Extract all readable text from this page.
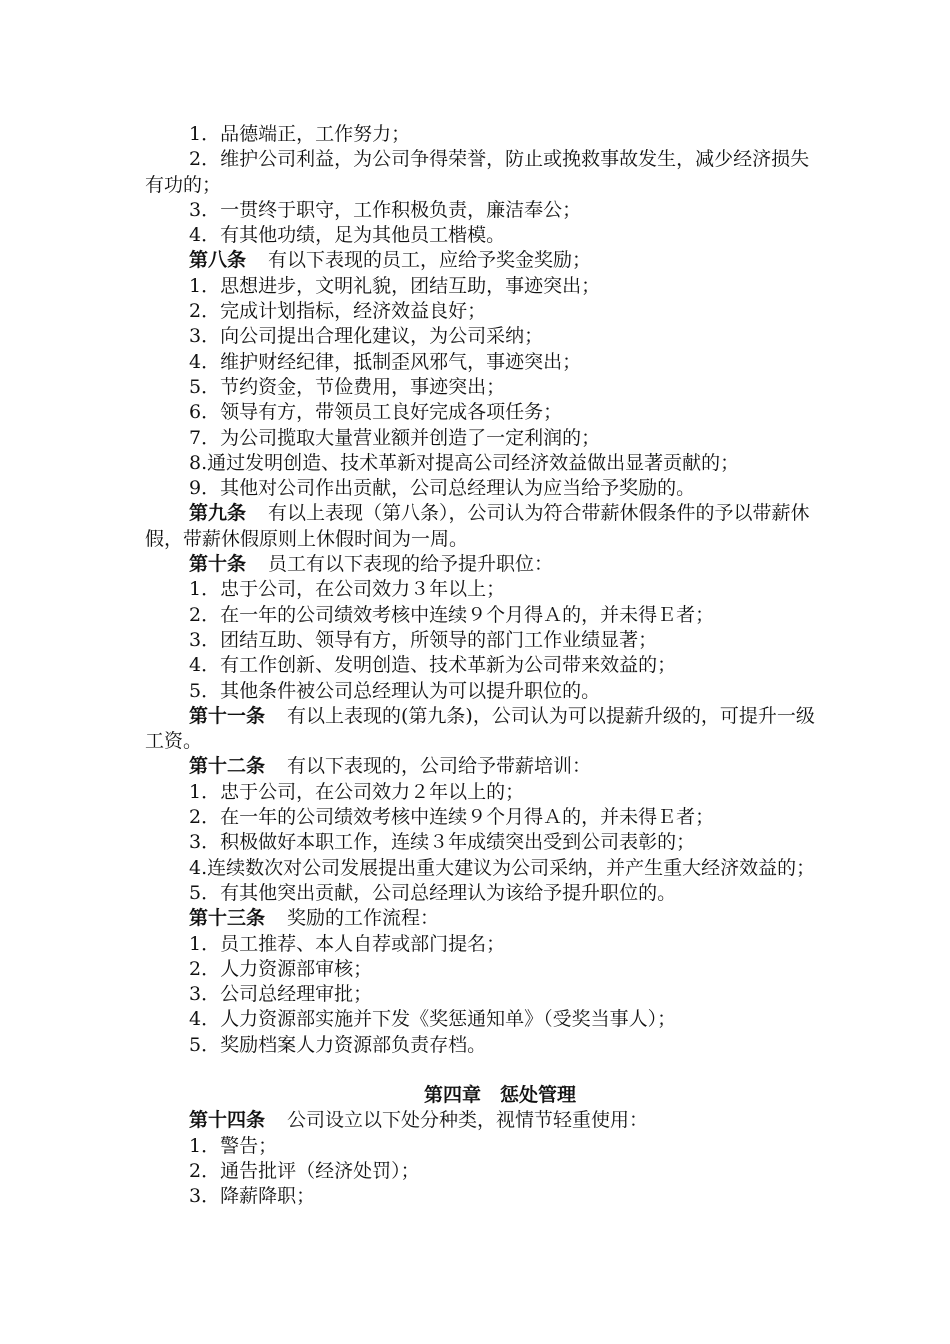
1．品德端正，工作努力；

2．维护公司利益，为公司争得荣誉，防止或挽救事故发生，减少经济损失有功的；

3．一贯终于职守，工作积极负责，廉洁奉公；

4．有其他功绩，足为其他员工楷模。

第八条 有以下表现的员工，应给予奖金奖励；

1．思想进步，文明礼貌，团结互助，事迹突出；

2．完成计划指标，经济效益良好；

3．向公司提出合理化建议，为公司采纳；

4．维护财经纪律，抵制歪风邪气，事迹突出；

5．节约资金，节俭费用，事迹突出；

6．领导有方，带领员工良好完成各项任务；

7．为公司揽取大量营业额并创造了一定利润的；

8.通过发明创造、技术革新对提高公司经济效益做出显著贡献的；

9．其他对公司作出贡献，公司总经理认为应当给予奖励的。

第九条 有以上表现（第八条），公司认为符合带薪休假条件的予以带薪休假，带薪休假原则上休假时间为一周。

第十条 员工有以下表现的给予提升职位：

1．忠于公司，在公司效力３年以上；

2．在一年的公司绩效考核中连续９个月得Ａ的，并未得Ｅ者；

3．团结互助、领导有方，所领导的部门工作业绩显著；

4．有工作创新、发明创造、技术革新为公司带来效益的；

5．其他条件被公司总经理认为可以提升职位的。

第十一条 有以上表现的(第九条)，公司认为可以提薪升级的，可提升一级工资。

第十二条 有以下表现的，公司给予带薪培训：

1．忠于公司，在公司效力２年以上的；

2．在一年的公司绩效考核中连续９个月得Ａ的，并未得Ｅ者；

3．积极做好本职工作，连续３年成绩突出受到公司表彰的；

4.连续数次对公司发展提出重大建议为公司采纳，并产生重大经济效益的；

5．有其他突出贡献，公司总经理认为该给予提升职位的。

第十三条 奖励的工作流程：

1．员工推荐、本人自荐或部门提名；

2．人力资源部审核；

3．公司总经理审批；

4．人力资源部实施并下发《奖惩通知单》（受奖当事人）；

5．奖励档案人力资源部负责存档。

第四章　惩处管理

第十四条 公司设立以下处分种类，视情节轻重使用：

1．警告；

2．通告批评（经济处罚）；

3．降薪降职；
